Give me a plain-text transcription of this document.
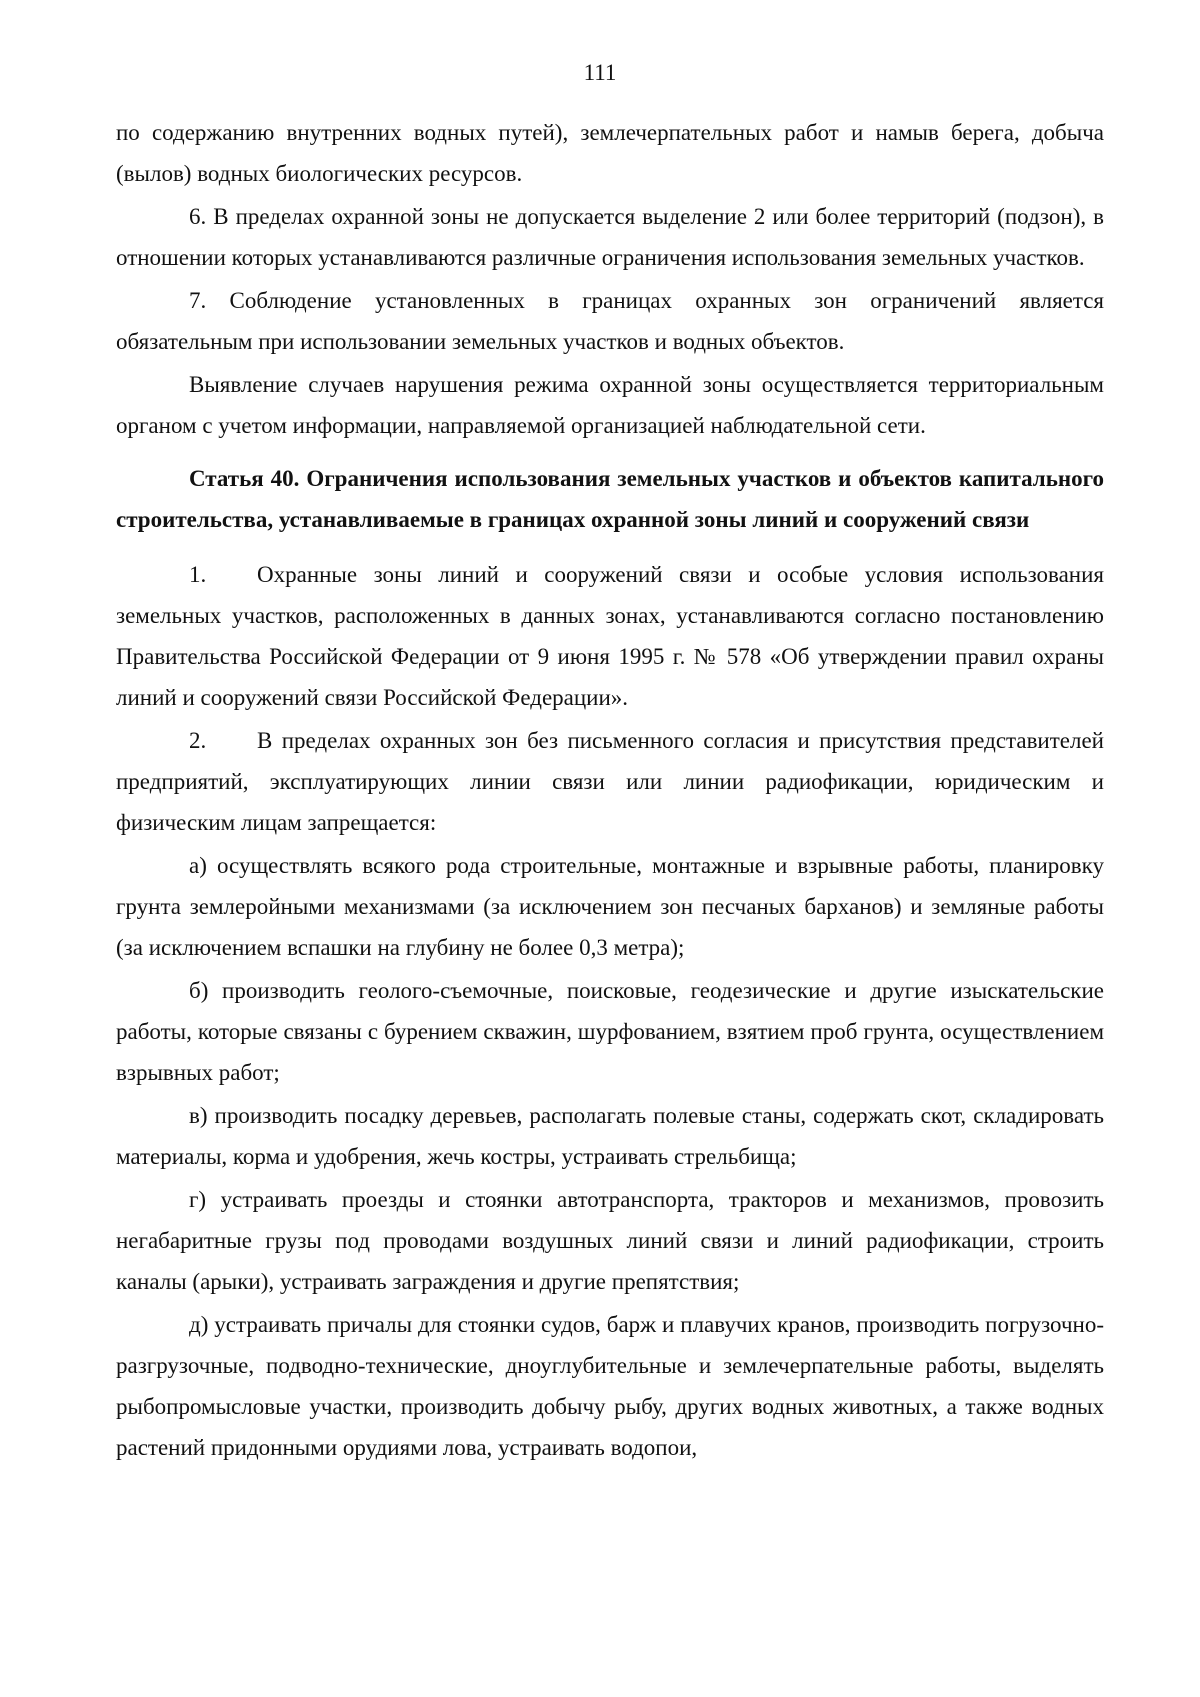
111

по содержанию внутренних водных путей), землечерпательных работ и намыв берега, добыча (вылов) водных биологических ресурсов.

6. В пределах охранной зоны не допускается выделение 2 или более территорий (подзон), в отношении которых устанавливаются различные ограничения использования земельных участков.

7. Соблюдение установленных в границах охранных зон ограничений является обязательным при использовании земельных участков и водных объектов.

Выявление случаев нарушения режима охранной зоны осуществляется территориальным органом с учетом информации, направляемой организацией наблюдательной сети.

Статья 40. Ограничения использования земельных участков и объектов капитального строительства, устанавливаемые в границах охранной зоны линий и сооружений связи

1. Охранные зоны линий и сооружений связи и особые условия использования земельных участков, расположенных в данных зонах, устанавливаются согласно постановлению Правительства Российской Федерации от 9 июня 1995 г. № 578 «Об утверждении правил охраны линий и сооружений связи Российской Федерации».

2. В пределах охранных зон без письменного согласия и присутствия представителей предприятий, эксплуатирующих линии связи или линии радиофикации, юридическим и физическим лицам запрещается:

а) осуществлять всякого рода строительные, монтажные и взрывные работы, планировку грунта землеройными механизмами (за исключением зон песчаных барханов) и земляные работы (за исключением вспашки на глубину не более 0,3 метра);

б) производить геолого-съемочные, поисковые, геодезические и другие изыскательские работы, которые связаны с бурением скважин, шурфованием, взятием проб грунта, осуществлением взрывных работ;

в) производить посадку деревьев, располагать полевые станы, содержать скот, складировать материалы, корма и удобрения, жечь костры, устраивать стрельбища;

г) устраивать проезды и стоянки автотранспорта, тракторов и механизмов, провозить негабаритные грузы под проводами воздушных линий связи и линий радиофикации, строить каналы (арыки), устраивать заграждения и другие препятствия;

д) устраивать причалы для стоянки судов, барж и плавучих кранов, производить погрузочно-разгрузочные, подводно-технические, дноуглубительные и землечерпательные работы, выделять рыбопромысловые участки, производить добычу рыбу, других водных животных, а также водных растений придонными орудиями лова, устраивать водопои,
